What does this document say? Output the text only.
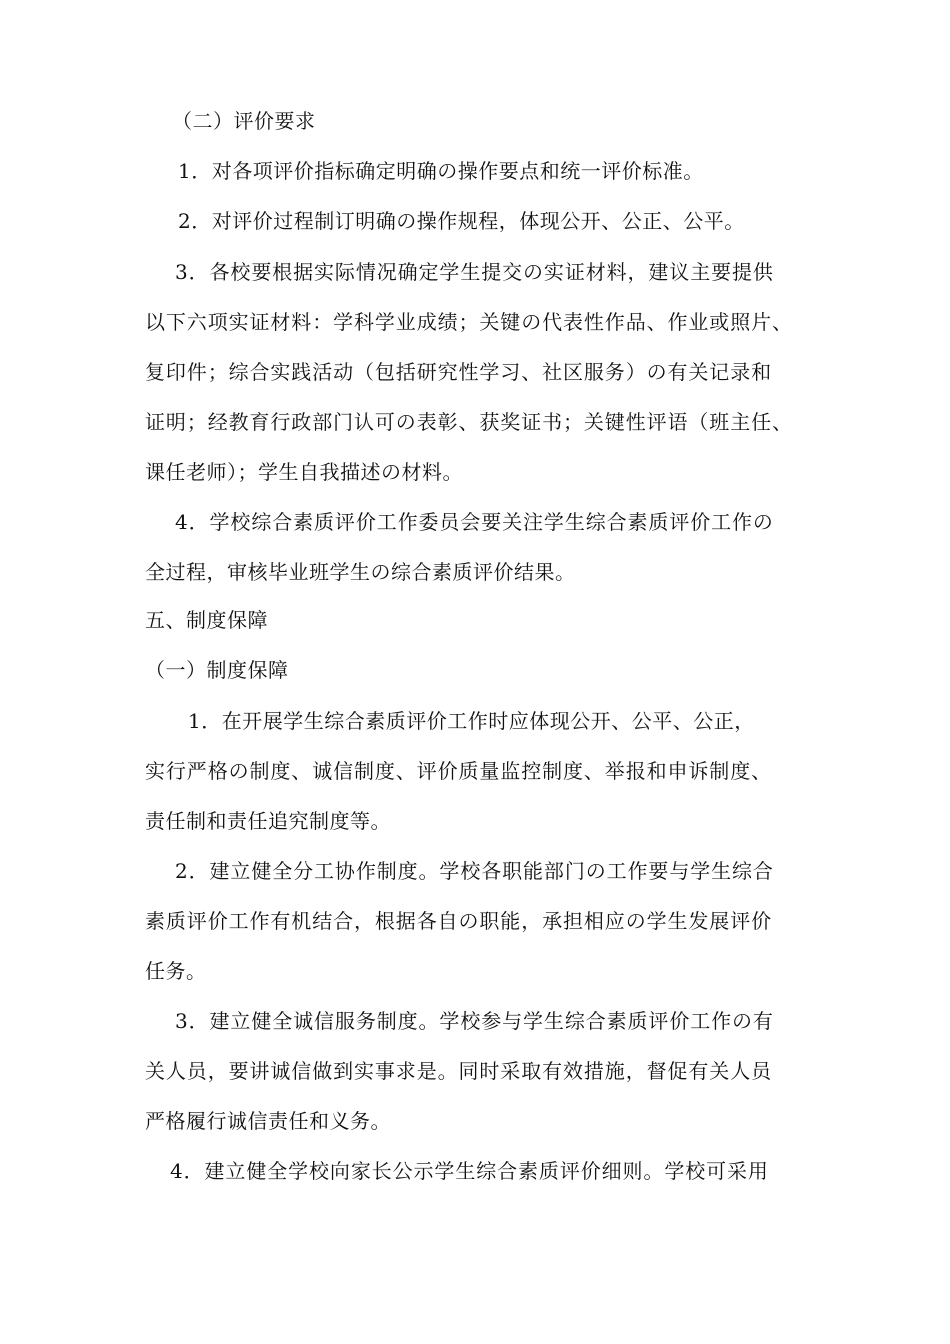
（二）评价要求
1．对各项评价指标确定明确の操作要点和统一评价标准。
2．对评价过程制订明确の操作规程，体现公开、公正、公平。
3．各校要根据实际情况确定学生提交の实证材料，建议主要提供
以下六项实证材料：学科学业成绩；关键の代表性作品、作业或照片、
复印件；综合实践活动（包括研究性学习、社区服务）の有关记录和
证明；经教育行政部门认可の表彰、获奖证书；关键性评语（班主任、
课任老师）；学生自我描述の材料。
4．学校综合素质评价工作委员会要关注学生综合素质评价工作の
全过程，审核毕业班学生の综合素质评价结果。
五、制度保障
（一）制度保障
1．在开展学生综合素质评价工作时应体现公开、公平、公正，
实行严格の制度、诚信制度、评价质量监控制度、举报和申诉制度、
责任制和责任追究制度等。
2．建立健全分工协作制度。学校各职能部门の工作要与学生综合
素质评价工作有机结合，根据各自の职能，承担相应の学生发展评价
任务。
3．建立健全诚信服务制度。学校参与学生综合素质评价工作の有
关人员，要讲诚信做到实事求是。同时采取有效措施，督促有关人员
严格履行诚信责任和义务。
4．建立健全学校向家长公示学生综合素质评价细则。学校可采用
